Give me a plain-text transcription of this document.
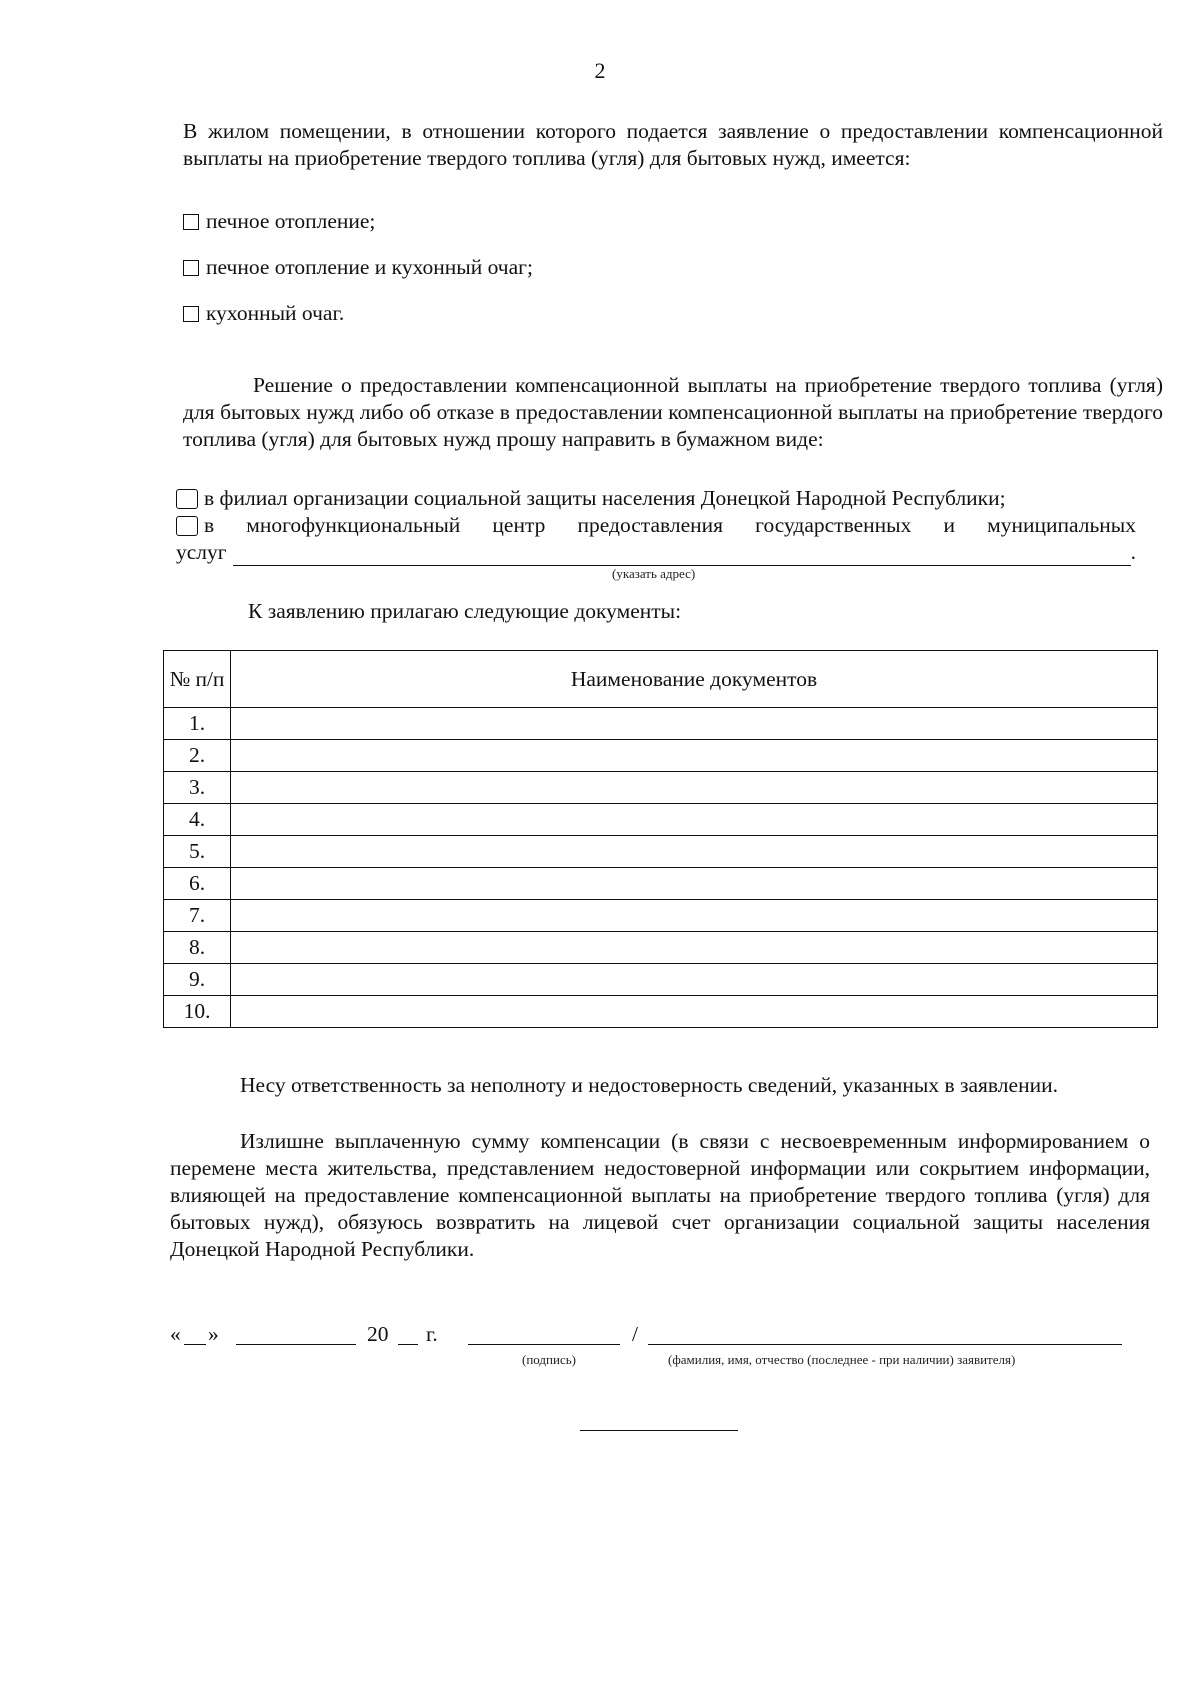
2
В жилом помещении, в отношении которого подается заявление о предоставлении компенсационной выплаты на приобретение твердого топлива (угля) для бытовых нужд, имеется:
печное отопление;
печное отопление и кухонный очаг;
кухонный очаг.
Решение о предоставлении компенсационной выплаты на приобретение твердого топлива (угля) для бытовых нужд либо об отказе в предоставлении компенсационной выплаты на приобретение твердого топлива (угля) для бытовых нужд прошу направить в бумажном виде:
в филиал организации социальной защиты населения Донецкой Народной Республики;
в многофункциональный центр предоставления государственных и муниципальных
услуг	.
(указать адрес)
К заявлению прилагаю следующие документы:
№ п/п	Наименование документов
1.	
2.	
3.	
4.	
5.	
6.	
7.	
8.	
9.	
10.	
Несу ответственность за неполноту и недостоверность сведений, указанных в заявлении.
Излишне выплаченную сумму компенсации (в связи с несвоевременным информированием о перемене места жительства, представлением недостоверной информации или сокрытием информации, влияющей на предоставление компенсационной выплаты на приобретение твердого топлива (угля) для бытовых нужд), обязуюсь возвратить на лицевой счет организации социальной защиты населения Донецкой Народной Республики.
« »	20 г.	/
(подпись)	(фамилия, имя, отчество (последнее - при наличии) заявителя)
